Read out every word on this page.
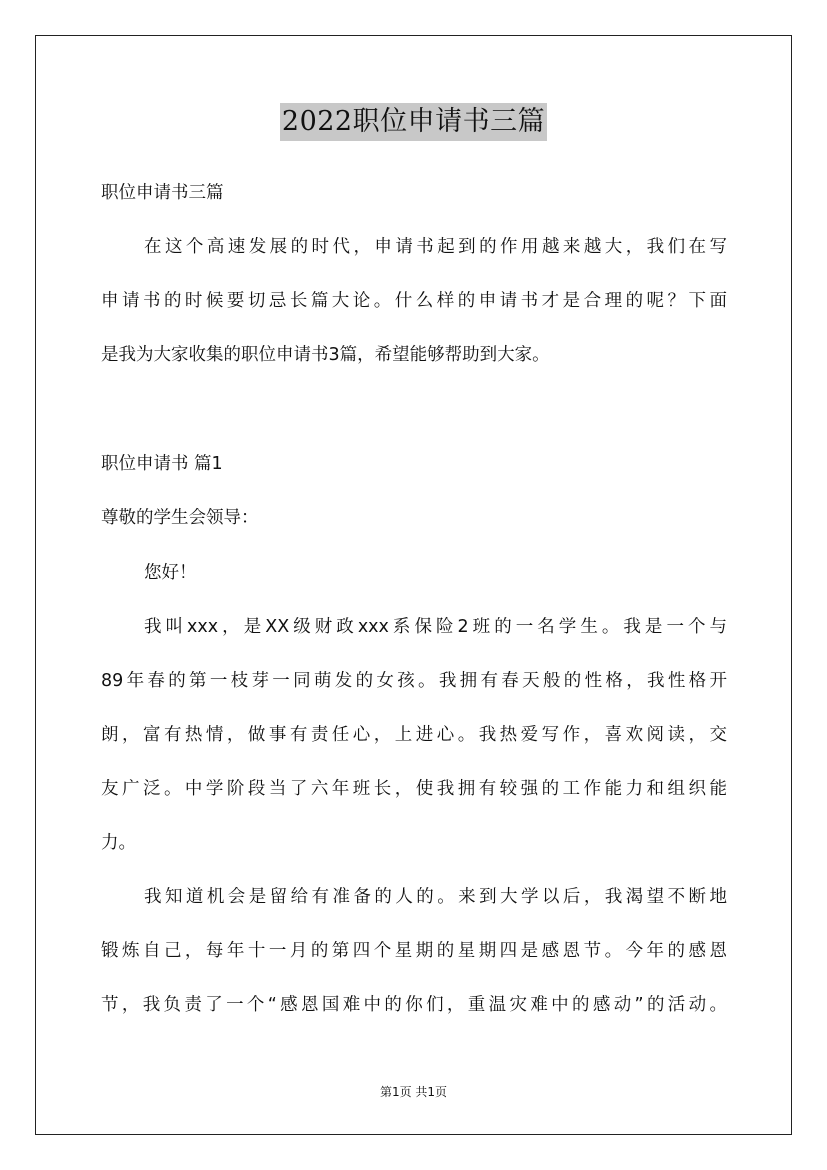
2022职位申请书三篇
职位申请书三篇
在这个高速发展的时代，申请书起到的作用越来越大，我们在写
申请书的时候要切忌长篇大论。什么样的申请书才是合理的呢？下面
是我为大家收集的职位申请书3篇，希望能够帮助到大家。
职位申请书 篇1
尊敬的学生会领导：
您好！
我叫xxx，是XX级财政xxx系保险2班的一名学生。我是一个与
89年春的第一枝芽一同萌发的女孩。我拥有春天般的性格，我性格开
朗，富有热情，做事有责任心，上进心。我热爱写作，喜欢阅读，交
友广泛。中学阶段当了六年班长，使我拥有较强的工作能力和组织能
力。
我知道机会是留给有准备的人的。来到大学以后，我渴望不断地
锻炼自己，每年十一月的第四个星期的星期四是感恩节。今年的感恩
节，我负责了一个“感恩国难中的你们，重温灾难中的感动”的活动。
第1页 共1页
